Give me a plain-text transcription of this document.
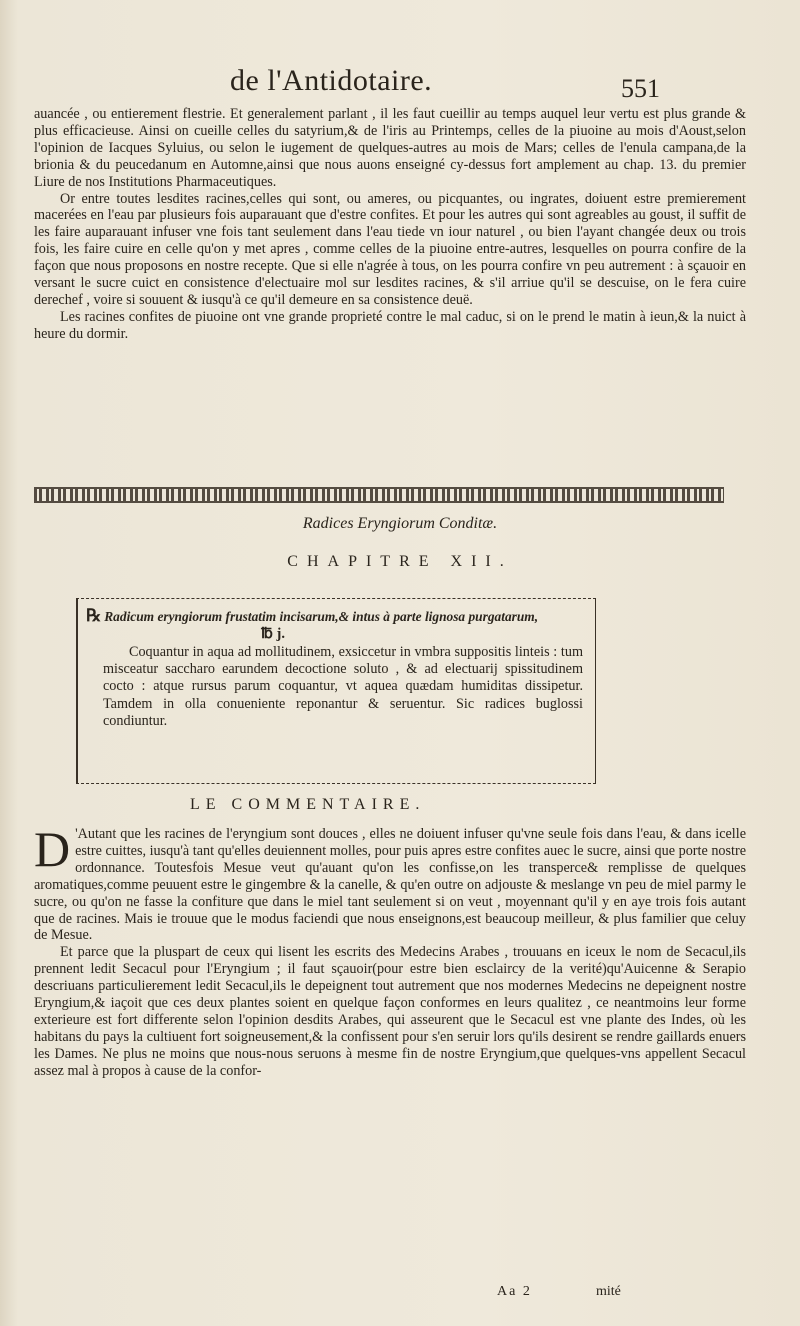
de l'Antidotaire.	551

auancée , ou entierement flestrie. Et generalement parlant , il les faut cueillir au temps auquel leur vertu est plus grande & plus efficacieuse. Ainsi on cueille celles du satyrium,& de l'iris au Printemps, celles de la piuoine au mois d'Aoust,selon l'opinion de Iacques Syluius, ou selon le iugement de quelques-autres au mois de Mars; celles de l'enula campana,de la brionia & du peucedanum en Automne,ainsi que nous auons enseigné cy-dessus fort amplement au chap. 13. du premier Liure de nos Institutions Pharmaceutiques.

Or entre toutes lesdites racines,celles qui sont, ou ameres, ou picquantes, ou ingrates, doiuent estre premierement macerées en l'eau par plusieurs fois auparauant que d'estre confites. Et pour les autres qui sont agreables au goust, il suffit de les faire auparauant infuser vne fois tant seulement dans l'eau tiede vn iour naturel , ou bien l'ayant changée deux ou trois fois, les faire cuire en celle qu'on y met apres , comme celles de la piuoine entre-autres, lesquelles on pourra confire de la façon que nous proposons en nostre recepte. Que si elle n'agrée à tous, on les pourra confire vn peu autrement : à sçauoir en versant le sucre cuict en consistence d'electuaire mol sur lesdites racines, & s'il arriue qu'il se descuise, on le fera cuire derechef , voire si souuent & iusqu'à ce qu'il demeure en sa consistence deuë.

Les racines confites de piuoine ont vne grande proprieté contre le mal caduc, si on le prend le matin à ieun,& la nuict à heure du dormir.

Radices Eryngiorum Conditæ.
CHAPITRE XII.
℞ Radicum eryngiorum frustatim incisarum,& intus à parte lignosa purgatarum,
℔ j.

Coquantur in aqua ad mollitudinem, exsiccetur in vmbra suppositis linteis : tum misceatur saccharo earundem decoctione soluto , & ad electuarij spissitudinem cocto : atque rursus parum coquantur, vt aquea quædam humiditas dissipetur. Tamdem in olla conueniente reponantur & seruentur. Sic radices buglossi condiuntur.

LE COMMENTAIRE.

D 'Autant que les racines de l'eryngium sont douces , elles ne doiuent infuser qu'vne seule fois dans l'eau, & dans icelle estre cuittes, iusqu'à tant qu'elles deuiennent molles, pour puis apres estre confites auec le sucre, ainsi que porte nostre ordonnance. Toutesfois Mesue veut qu'auant qu'on les confisse,on les transperce& remplisse de quelques aromatiques,comme peuuent estre le gingembre & la canelle, & qu'en outre on adjouste & meslange vn peu de miel parmy le sucre, ou qu'on ne fasse la confiture que dans le miel tant seulement si on veut , moyennant qu'il y en aye trois fois autant que de racines. Mais ie trouue que le modus faciendi que nous enseignons,est beaucoup meilleur, & plus familier que celuy de Mesue.

Et parce que la pluspart de ceux qui lisent les escrits des Medecins Arabes , trouuans en iceux le nom de Secacul,ils prennent ledit Secacul pour l'Eryngium ; il faut sçauoir(pour estre bien esclaircy de la verité)qu'Auicenne & Serapio descriuans particulierement ledit Secacul,ils le depeignent tout autrement que nos modernes Medecins ne depeignent nostre Eryngium,& iaçoit que ces deux plantes soient en quelque façon conformes en leurs qualitez , ce neantmoins leur forme exterieure est fort differente selon l'opinion desdits Arabes, qui asseurent que le Secacul est vne plante des Indes, où les habitans du pays la cultiuent fort soigneusement,& la confissent pour s'en seruir lors qu'ils desirent se rendre gaillards enuers les Dames. Ne plus ne moins que nous-nous seruons à mesme fin de nostre Eryngium,que quelques-vns appellent Secacul assez mal à propos à cause de la confor-

Aa 2	mité
